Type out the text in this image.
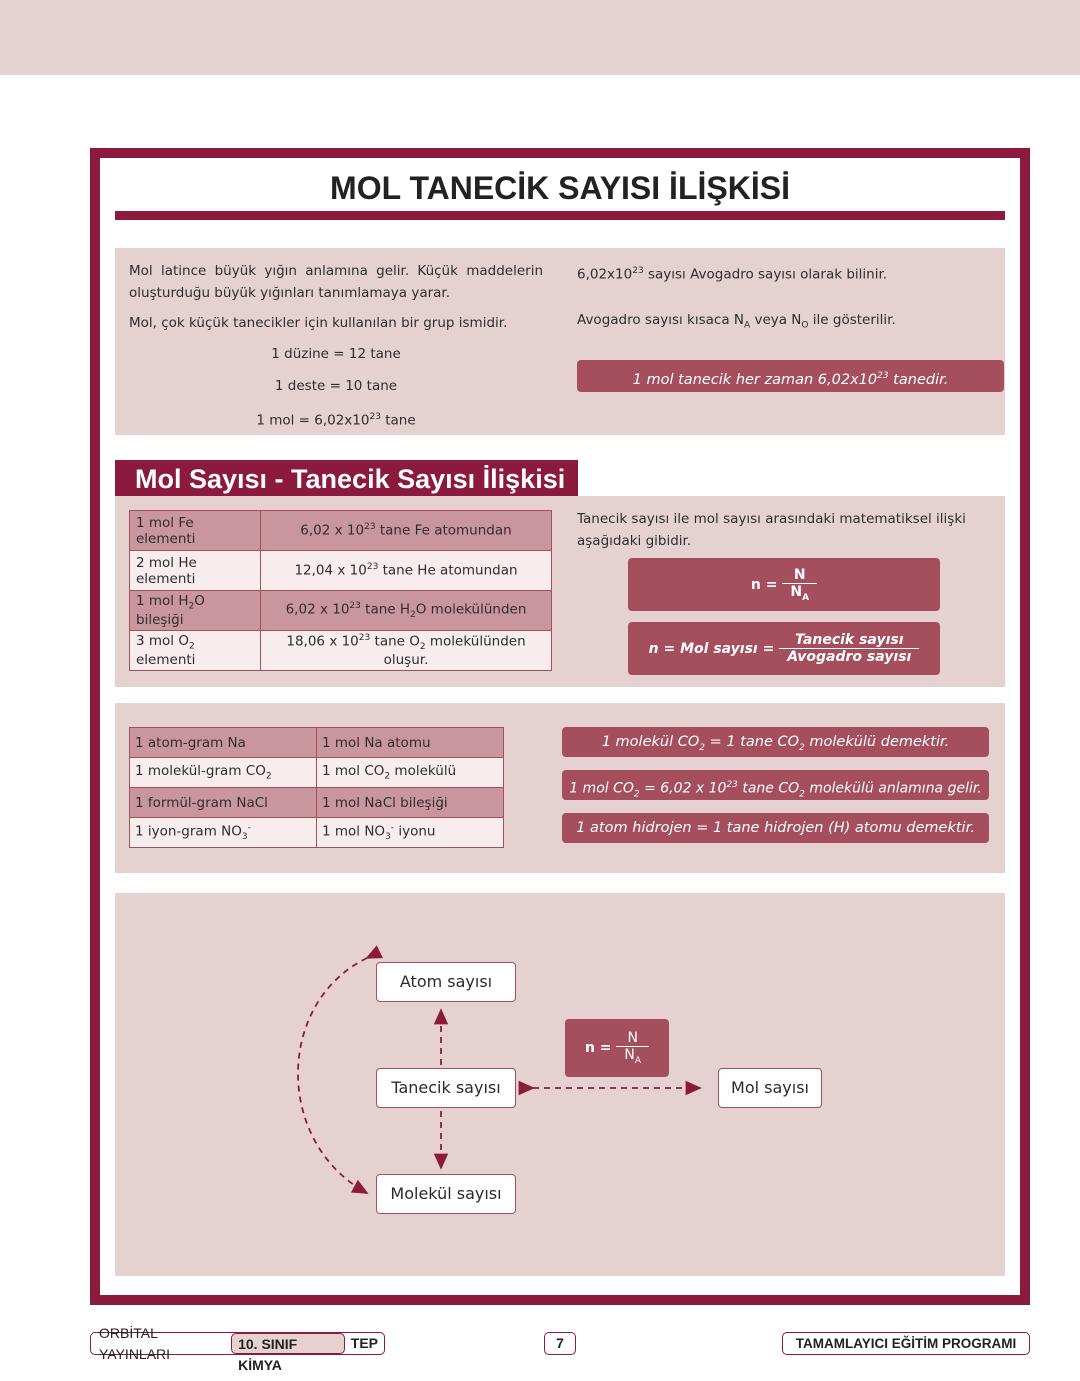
MOL TANECİK SAYISI İLİŞKİSİ
Mol latince büyük yığın anlamına gelir. Küçük maddelerin oluşturduğu büyük yığınları tanımlamaya yarar.
Mol, çok küçük tanecikler için kullanılan bir grup ismidir.
1 düzine = 12 tane
1 deste = 10 tane
1 mol = $6,02x10^{23}$ tane
$6,02x10^{23}$ sayısı Avogadro sayısı olarak bilinir.
Avogadro sayısı kısaca $N_A$ veya $N_O$ ile gösterilir.
1 mol tanecik her zaman $6,02x10^{23}$ tanedir.
Mol Sayısı - Tanecik Sayısı İlişkisi
1 mol Fe elementi	6,02 x $10^{23}$ tane Fe atomundan
2 mol He elementi	12,04 x $10^{23}$ tane He atomundan
1 mol $H_2O$ bileşiği	6,02 x $10^{23}$ tane $H_2O$ molekülünden
3 mol $O_2$ elementi	18,06 x $10^{23}$ tane $O_2$ molekülünden oluşur.
Tanecik sayısı ile mol sayısı arasındaki matematiksel ilişki aşağıdaki gibidir.
n =
$\frac{N}{N_A}$
n = Mol sayısı =
$\frac{\text{Tanecik sayısı}}{\text{Avogadro sayısı}}$
1 atom-gram Na	1 mol Na atomu
1 molekül-gram $CO_2$	1 mol $CO_2$ molekülü
1 formül-gram NaCl	1 mol NaCl bileşiği
1 iyon-gram $NO_3^-$	1 mol $NO_3^-$ iyonu
1 molekül $CO_2 = 1$ tane $CO_2$ molekülü demektir.
1 mol $CO_2 = 6,02$ x $10^{23}$ tane $CO_2$ molekülü anlamına gelir.
1 atom hidrojen = 1 tane hidrojen (H) atomu demektir.
Atom sayısı
Tanecik sayısı
Molekül sayısı
Mol sayısı
n =
$\frac{N}{N_A}$
ORBİTAL YAYINLARI
10. SINIF KİMYA
TEP	7	TAMAMLAYICI EĞİTİM PROGRAMI
